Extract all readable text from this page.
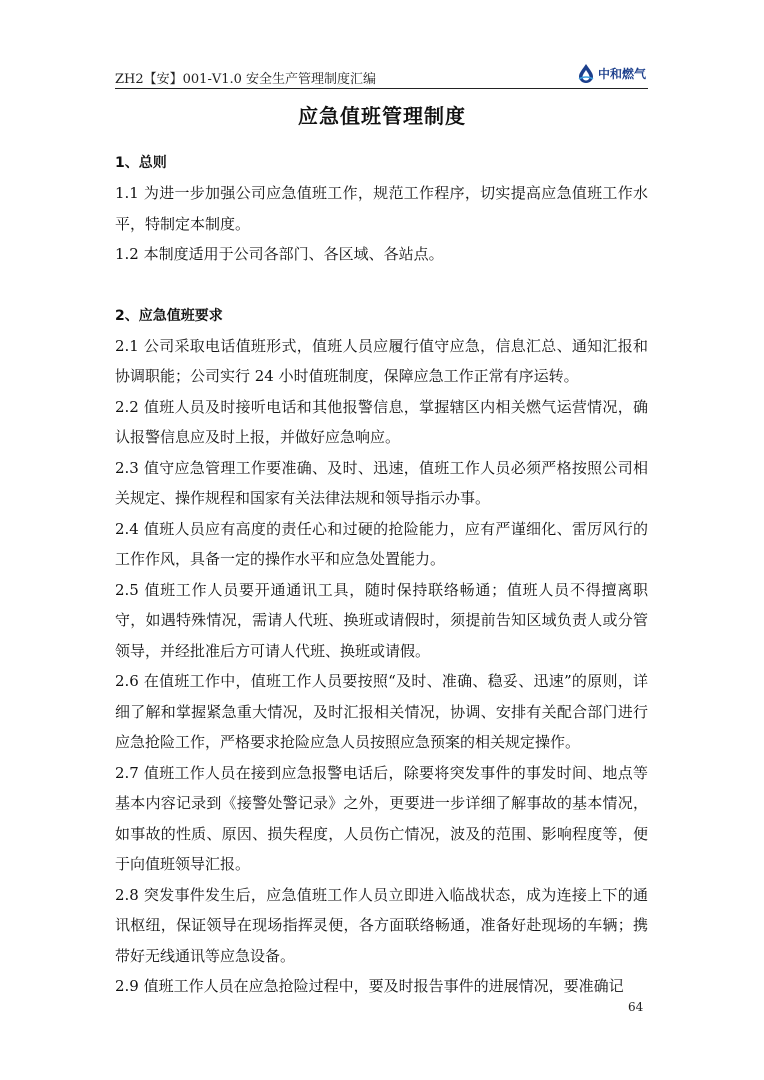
ZH2【安】001-V1.0 安全生产管理制度汇编	中和燃气
应急值班管理制度
1、总则

1.1 为进一步加强公司应急值班工作，规范工作程序，切实提高应急值班工作水平，特制定本制度。

1.2 本制度适用于公司各部门、各区域、各站点。

2、应急值班要求

2.1 公司采取电话值班形式，值班人员应履行值守应急，信息汇总、通知汇报和协调职能；公司实行 24 小时值班制度，保障应急工作正常有序运转。

2.2 值班人员及时接听电话和其他报警信息，掌握辖区内相关燃气运营情况，确认报警信息应及时上报，并做好应急响应。

2.3 值守应急管理工作要准确、及时、迅速，值班工作人员必须严格按照公司相关规定、操作规程和国家有关法律法规和领导指示办事。

2.4 值班人员应有高度的责任心和过硬的抢险能力，应有严谨细化、雷厉风行的工作作风，具备一定的操作水平和应急处置能力。

2.5 值班工作人员要开通通讯工具，随时保持联络畅通；值班人员不得擅离职守，如遇特殊情况，需请人代班、换班或请假时，须提前告知区域负责人或分管领导，并经批准后方可请人代班、换班或请假。

2.6 在值班工作中，值班工作人员要按照“及时、准确、稳妥、迅速”的原则，详细了解和掌握紧急重大情况，及时汇报相关情况，协调、安排有关配合部门进行应急抢险工作，严格要求抢险应急人员按照应急预案的相关规定操作。

2.7 值班工作人员在接到应急报警电话后，除要将突发事件的事发时间、地点等基本内容记录到《接警处警记录》之外，更要进一步详细了解事故的基本情况，如事故的性质、原因、损失程度，人员伤亡情况，波及的范围、影响程度等，便于向值班领导汇报。

2.8 突发事件发生后，应急值班工作人员立即进入临战状态，成为连接上下的通讯枢纽，保证领导在现场指挥灵便，各方面联络畅通，准备好赴现场的车辆；携带好无线通讯等应急设备。

2.9 值班工作人员在应急抢险过程中，要及时报告事件的进展情况，要准确记

64
